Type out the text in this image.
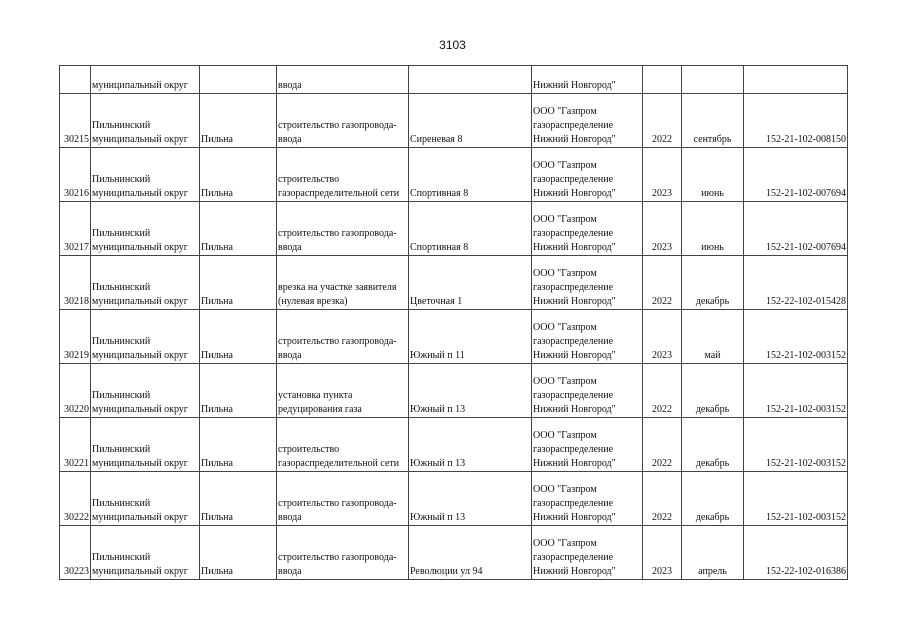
3103
	муниципальный округ		ввода		Нижний Новгород"			
30215	Пильнинский
муниципальный округ	Пильна	строительство газопровода-
ввода	Сиреневая 8	ООО "Газпром
газораспределение
Нижний Новгород"	2022	сентябрь	152-21-102-008150
30216	Пильнинский
муниципальный округ	Пильна	строительство
газораспределительной сети	Спортивная 8	ООО "Газпром
газораспределение
Нижний Новгород"	2023	июнь	152-21-102-007694
30217	Пильнинский
муниципальный округ	Пильна	строительство газопровода-
ввода	Спортивная 8	ООО "Газпром
газораспределение
Нижний Новгород"	2023	июнь	152-21-102-007694
30218	Пильнинский
муниципальный округ	Пильна	врезка на участке заявителя
(нулевая врезка)	Цветочная 1	ООО "Газпром
газораспределение
Нижний Новгород"	2022	декабрь	152-22-102-015428
30219	Пильнинский
муниципальный округ	Пильна	строительство газопровода-
ввода	Южный п 11	ООО "Газпром
газораспределение
Нижний Новгород"	2023	май	152-21-102-003152
30220	Пильнинский
муниципальный округ	Пильна	установка пункта
редуцирования газа	Южный п 13	ООО "Газпром
газораспределение
Нижний Новгород"	2022	декабрь	152-21-102-003152
30221	Пильнинский
муниципальный округ	Пильна	строительство
газораспределительной сети	Южный п 13	ООО "Газпром
газораспределение
Нижний Новгород"	2022	декабрь	152-21-102-003152
30222	Пильнинский
муниципальный округ	Пильна	строительство газопровода-
ввода	Южный п 13	ООО "Газпром
газораспределение
Нижний Новгород"	2022	декабрь	152-21-102-003152
30223	Пильнинский
муниципальный округ	Пильна	строительство газопровода-
ввода	Революции ул 94	ООО "Газпром
газораспределение
Нижний Новгород"	2023	апрель	152-22-102-016386
